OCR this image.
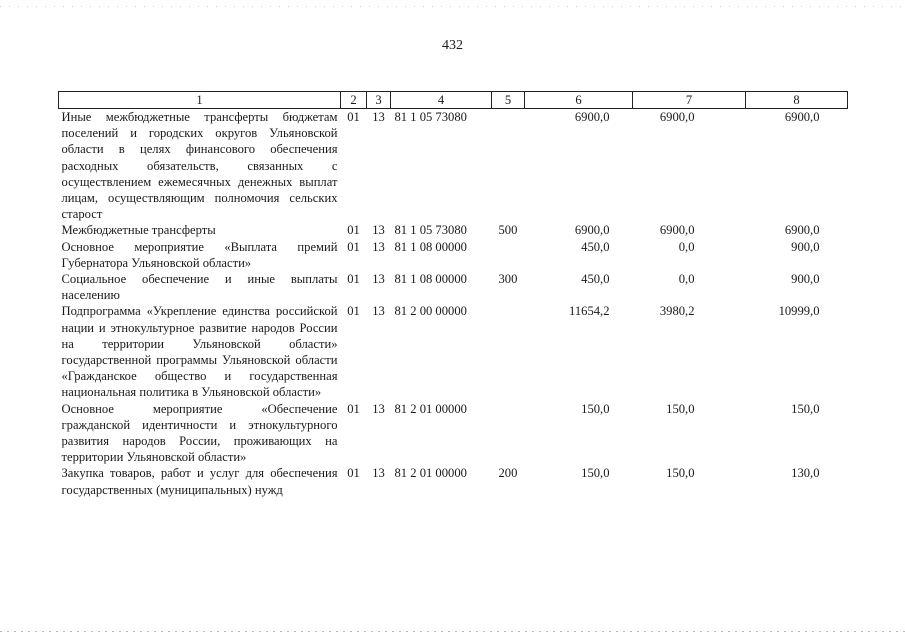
432
1	2	3	4	5	6	7	8
Иные межбюджетные трансферты бюджетам поселений и городских округов Ульяновской области в целях финансового обеспечения расходных обязательств, связанных с осуществлением ежемесячных денежных выплат лицам, осуществляющим полномочия сельских старост	01	13	81 1 05 73080		6900,0	6900,0	6900,0
Межбюджетные трансферты	01	13	81 1 05 73080	500	6900,0	6900,0	6900,0
Основное мероприятие «Выплата премий Губернатора Ульяновской области»	01	13	81 1 08 00000		450,0	0,0	900,0
Социальное обеспечение и иные выплаты населению	01	13	81 1 08 00000	300	450,0	0,0	900,0
Подпрограмма «Укрепление единства российской нации и этнокультурное развитие народов России на территории Ульяновской области» государственной программы Ульяновской области «Гражданское общество и государственная национальная политика в Ульяновской области»	01	13	81 2 00 00000		11654,2	3980,2	10999,0
Основное мероприятие «Обеспечение гражданской идентичности и этнокультурного развития народов России, проживающих на территории Ульяновской области»	01	13	81 2 01 00000		150,0	150,0	150,0
Закупка товаров, работ и услуг для обеспечения государственных (муниципальных) нужд	01	13	81 2 01 00000	200	150,0	150,0	130,0
